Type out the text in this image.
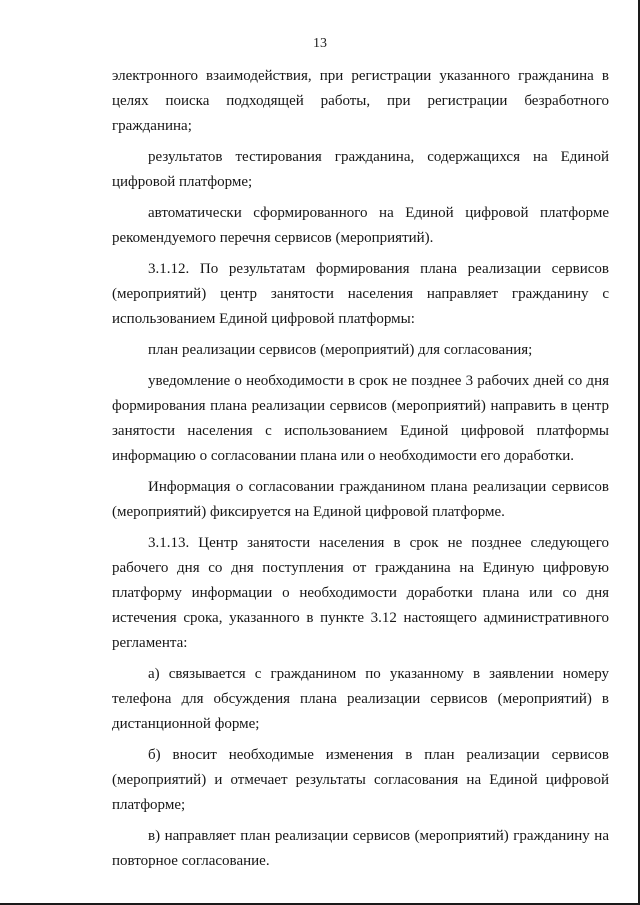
13

электронного взаимодействия, при регистрации указанного гражданина в целях поиска подходящей работы, при регистрации безработного гражданина;

результатов тестирования гражданина, содержащихся на Единой цифровой платформе;

автоматически сформированного на Единой цифровой платформе рекомендуемого перечня сервисов (мероприятий).

3.1.12. По результатам формирования плана реализации сервисов (мероприятий) центр занятости населения направляет гражданину с использованием Единой цифровой платформы:

план реализации сервисов (мероприятий) для согласования;

уведомление о необходимости в срок не позднее 3 рабочих дней со дня формирования плана реализации сервисов (мероприятий) направить в центр занятости населения с использованием Единой цифровой платформы информацию о согласовании плана или о необходимости его доработки.

Информация о согласовании гражданином плана реализации сервисов (мероприятий) фиксируется на Единой цифровой платформе.

3.1.13. Центр занятости населения в срок не позднее следующего рабочего дня со дня поступления от гражданина на Единую цифровую платформу информации о необходимости доработки плана или со дня истечения срока, указанного в пункте 3.12 настоящего административного регламента:

а) связывается с гражданином по указанному в заявлении номеру телефона для обсуждения плана реализации сервисов (мероприятий) в дистанционной форме;

б) вносит необходимые изменения в план реализации сервисов (мероприятий) и отмечает результаты согласования на Единой цифровой платформе;

в) направляет план реализации сервисов (мероприятий) гражданину на повторное согласование.
